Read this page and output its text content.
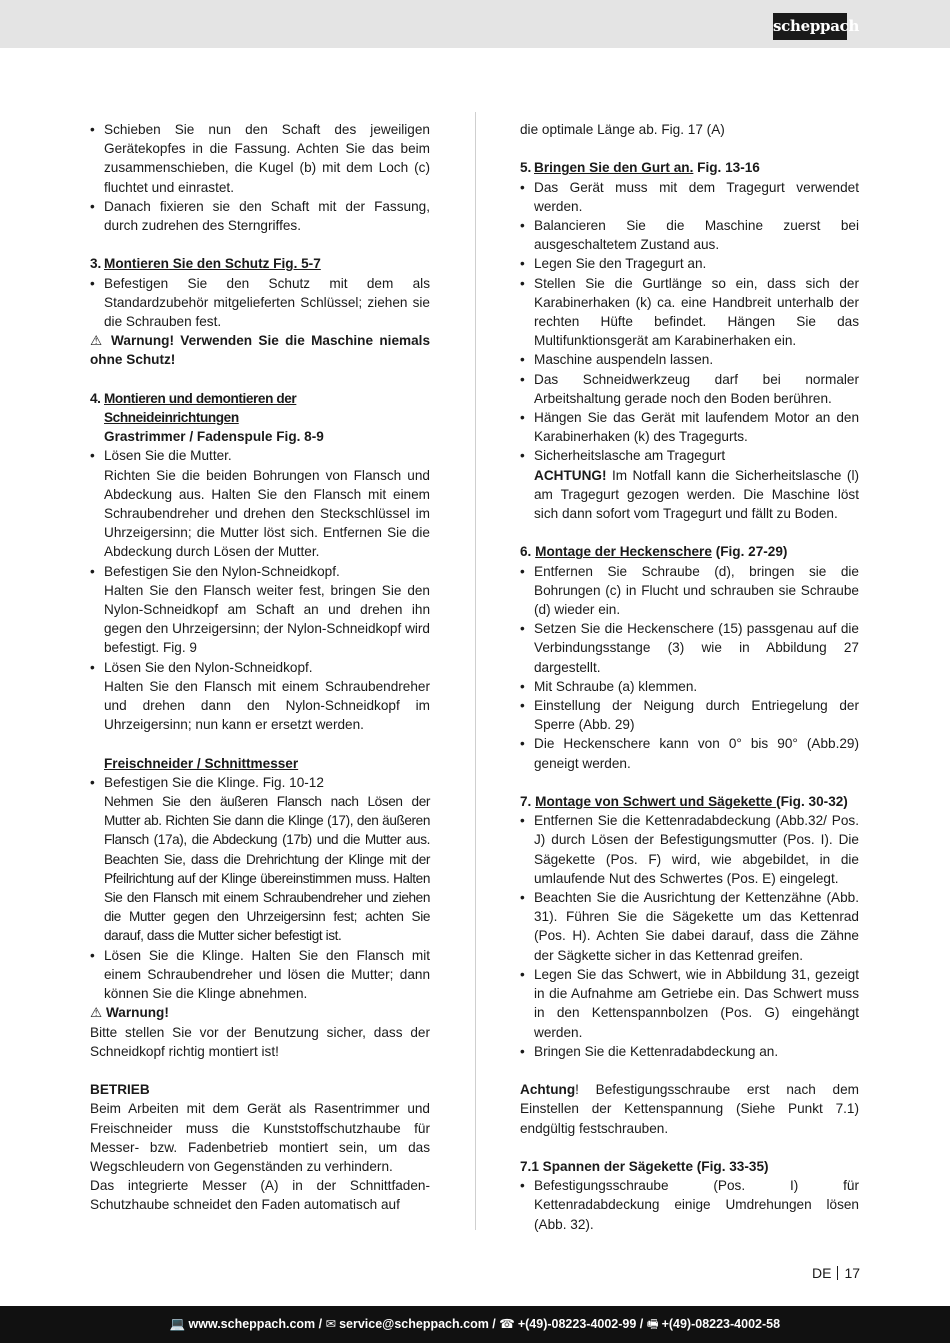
scheppach
• Schieben Sie nun den Schaft des jeweiligen Gerätekopfes in die Fassung. Achten Sie das beim zusammenschieben, die Kugel (b) mit dem Loch (c) fluchtet und einrastet.
• Danach fixieren sie den Schaft mit der Fassung, durch zudrehen des Sterngriffes.
3. Montieren Sie den Schutz Fig. 5-7
• Befestigen Sie den Schutz mit dem als Standardzubehör mitgelieferten Schlüssel; ziehen sie die Schrauben fest.

⚠ Warnung! Verwenden Sie die Maschine niemals ohne Schutz!

4. Montieren und demontieren der Schneideinrichtungen
Grastrimmer / Fadenspule Fig. 8-9
• Lösen Sie die Mutter.
Richten Sie die beiden Bohrungen von Flansch und Abdeckung aus. Halten Sie den Flansch mit einem Schraubendreher und drehen den Steckschlüssel im Uhrzeigersinn; die Mutter löst sich. Entfernen Sie die Abdeckung durch Lösen der Mutter.
• Befestigen Sie den Nylon-Schneidkopf.
Halten Sie den Flansch weiter fest, bringen Sie den Nylon-Schneidkopf am Schaft an und drehen ihn gegen den Uhrzeigersinn; der Nylon-Schneidkopf wird befestigt. Fig. 9
• Lösen Sie den Nylon-Schneidkopf.
Halten Sie den Flansch mit einem Schraubendreher und drehen dann den Nylon-Schneidkopf im Uhrzeigersinn; nun kann er ersetzt werden.
Freischneider / Schnittmesser
• Befestigen Sie die Klinge. Fig. 10-12
Nehmen Sie den äußeren Flansch nach Lösen der Mutter ab. Richten Sie dann die Klinge (17), den äußeren Flansch (17a), die Abdeckung (17b) und die Mutter aus. Beachten Sie, dass die Drehrichtung der Klinge mit der Pfeilrichtung auf der Klinge übereinstimmen muss. Halten Sie den Flansch mit einem Schraubendreher und ziehen die Mutter gegen den Uhrzeigersinn fest; achten Sie darauf, dass die Mutter sicher befestigt ist.
• Lösen Sie die Klinge. Halten Sie den Flansch mit einem Schraubendreher und lösen die Mutter; dann können Sie die Klinge abnehmen.

⚠ Warnung!

Bitte stellen Sie vor der Benutzung sicher, dass der Schneidkopf richtig montiert ist!

BETRIEB

Beim Arbeiten mit dem Gerät als Rasentrimmer und Freischneider muss die Kunststoffschutzhaube für Messer- bzw. Fadenbetrieb montiert sein, um das Wegschleudern von Gegenständen zu verhindern.

Das integrierte Messer (A) in der Schnittfaden-Schutzhaube schneidet den Faden automatisch auf

die optimale Länge ab. Fig. 17 (A)

5. Bringen Sie den Gurt an. Fig. 13-16
• Das Gerät muss mit dem Tragegurt verwendet werden.
• Balancieren Sie die Maschine zuerst bei ausgeschaltetem Zustand aus.
• Legen Sie den Tragegurt an.
• Stellen Sie die Gurtlänge so ein, dass sich der Karabinerhaken (k) ca. eine Handbreit unterhalb der rechten Hüfte befindet. Hängen Sie das Multifunktionsgerät am Karabinerhaken ein.
• Maschine auspendeln lassen.
• Das Schneidwerkzeug darf bei normaler Arbeitshaltung gerade noch den Boden berühren.
• Hängen Sie das Gerät mit laufendem Motor an den Karabinerhaken (k) des Tragegurts.
• Sicherheitslasche am Tragegurt
ACHTUNG! Im Notfall kann die Sicherheitslasche (l) am Tragegurt gezogen werden. Die Maschine löst sich dann sofort vom Tragegurt und fällt zu Boden.

6. Montage der Heckenschere (Fig. 27-29)

• Entfernen Sie Schraube (d), bringen sie die Bohrungen (c) in Flucht und schrauben sie Schraube (d) wieder ein.
• Setzen Sie die Heckenschere (15) passgenau auf die Verbindungsstange (3) wie in Abbildung 27 dargestellt.
• Mit Schraube (a) klemmen.
• Einstellung der Neigung durch Entriegelung der Sperre (Abb. 29)
• Die Heckenschere kann von 0° bis 90° (Abb.29) geneigt werden.

7. Montage von Schwert und Sägekette (Fig. 30-32)

• Entfernen Sie die Kettenradabdeckung (Abb.32/ Pos. J) durch Lösen der Befestigungsmutter (Pos. I). Die Sägekette (Pos. F) wird, wie abgebildet, in die umlaufende Nut des Schwertes (Pos. E) eingelegt.
• Beachten Sie die Ausrichtung der Kettenzähne (Abb. 31). Führen Sie die Sägekette um das Kettenrad (Pos. H). Achten Sie dabei darauf, dass die Zähne der Sägkette sicher in das Kettenrad greifen.
• Legen Sie das Schwert, wie in Abbildung 31, gezeigt in die Aufnahme am Getriebe ein. Das Schwert muss in den Kettenspannbolzen (Pos. G) eingehängt werden.
• Bringen Sie die Kettenradabdeckung an.

Achtung! Befestigungsschraube erst nach dem Einstellen der Kettenspannung (Siehe Punkt 7.1) endgültig festschrauben.

7.1 Spannen der Sägekette (Fig. 33-35)

• Befestigungsschraube (Pos. I) für Kettenradabdeckung einige Umdrehungen lösen (Abb. 32).
DE 17
💻 www.scheppach.com / ✉ service@scheppach.com / ☎ +(49)-08223-4002-99 / 🖷 +(49)-08223-4002-58
